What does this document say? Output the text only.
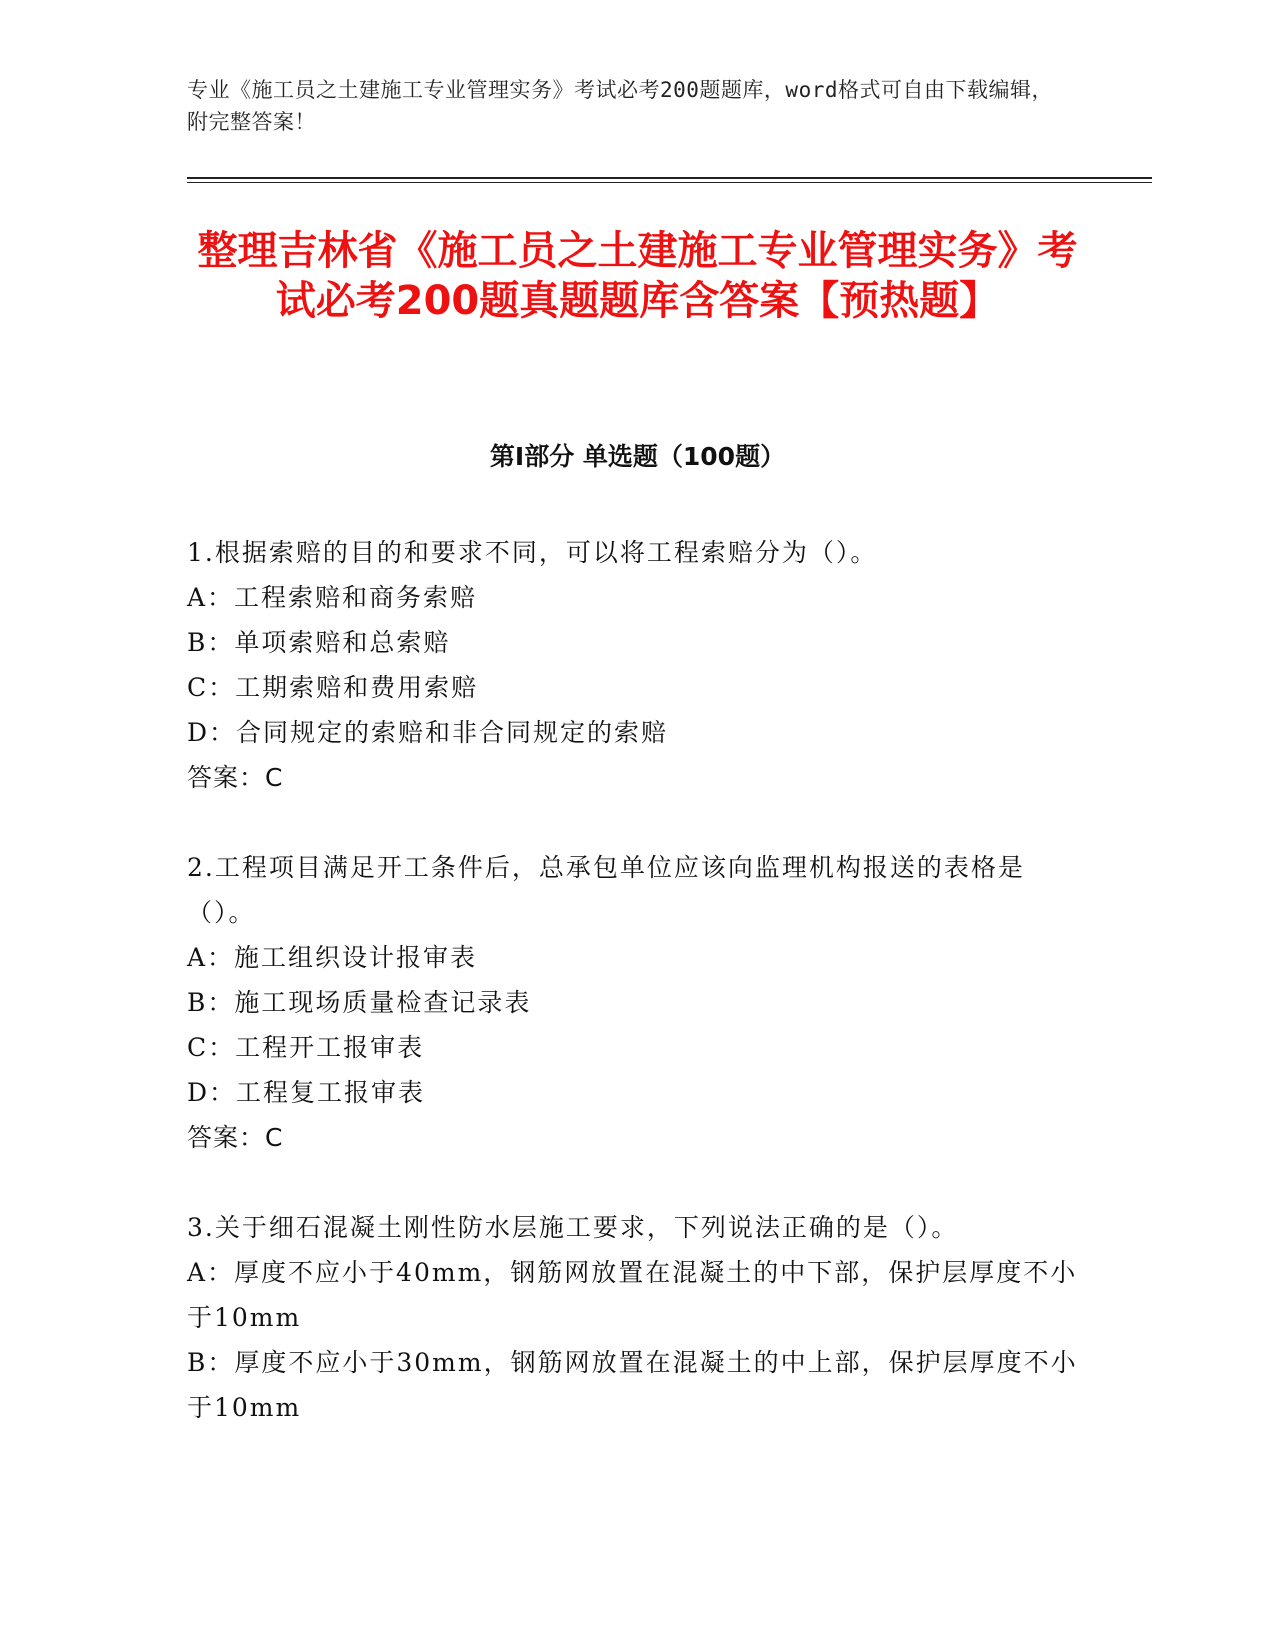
专业《施工员之土建施工专业管理实务》考试必考200题题库，word格式可自由下载编辑，附完整答案！
整理吉林省《施工员之土建施工专业管理实务》考试必考200题真题题库含答案【预热题】
第I部分 单选题（100题）
1.根据索赔的目的和要求不同，可以将工程索赔分为（）。
A：工程索赔和商务索赔
B：单项索赔和总索赔
C：工期索赔和费用索赔
D：合同规定的索赔和非合同规定的索赔
答案：C
2.工程项目满足开工条件后，总承包单位应该向监理机构报送的表格是（）。
A：施工组织设计报审表
B：施工现场质量检查记录表
C：工程开工报审表
D：工程复工报审表
答案：C
3.关于细石混凝土刚性防水层施工要求，下列说法正确的是（）。
A：厚度不应小于40mm，钢筋网放置在混凝土的中下部，保护层厚度不小于10mm
B：厚度不应小于30mm，钢筋网放置在混凝土的中上部，保护层厚度不小于10mm
